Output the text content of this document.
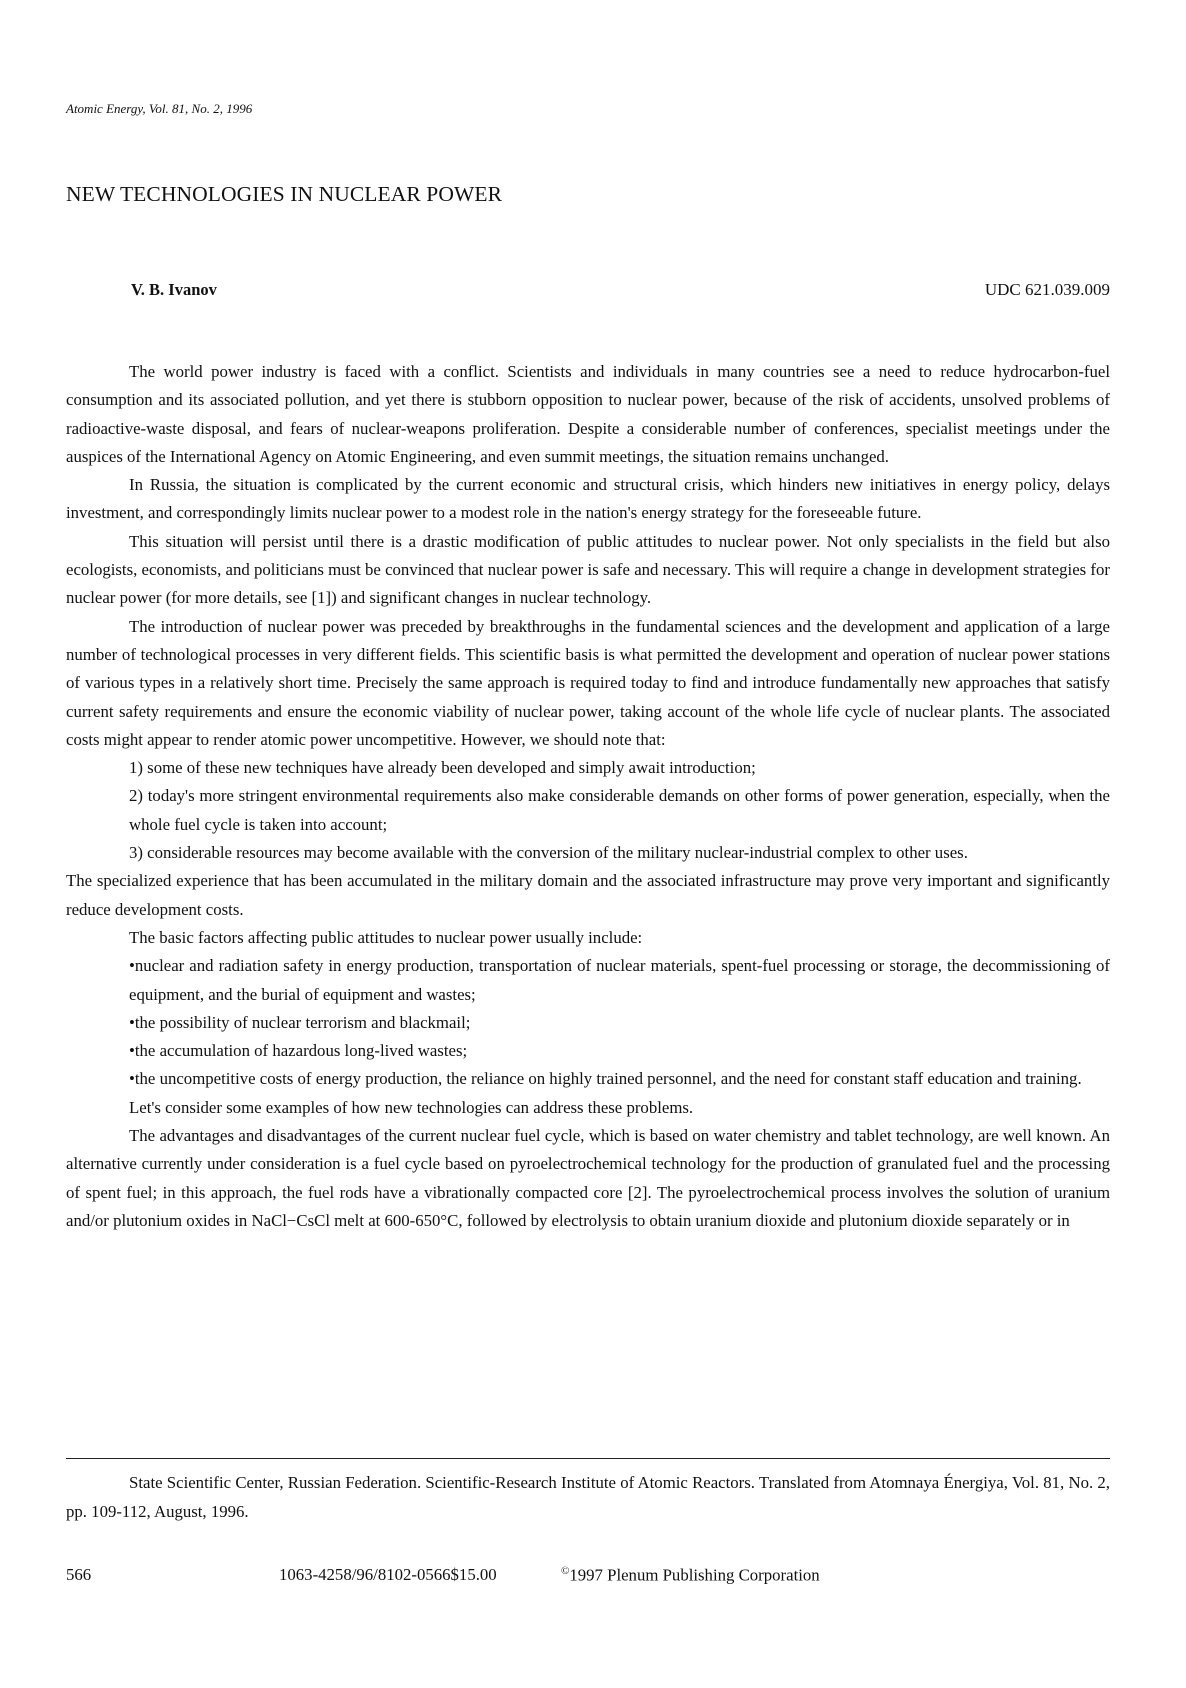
Atomic Energy, Vol. 81, No. 2, 1996
NEW TECHNOLOGIES IN NUCLEAR POWER
V. B. Ivanov	UDC 621.039.009

The world power industry is faced with a conflict. Scientists and individuals in many countries see a need to reduce hydrocarbon-fuel consumption and its associated pollution, and yet there is stubborn opposition to nuclear power, because of the risk of accidents, unsolved problems of radioactive-waste disposal, and fears of nuclear-weapons proliferation. Despite a considerable number of conferences, specialist meetings under the auspices of the International Agency on Atomic Engineering, and even summit meetings, the situation remains unchanged.

In Russia, the situation is complicated by the current economic and structural crisis, which hinders new initiatives in energy policy, delays investment, and correspondingly limits nuclear power to a modest role in the nation's energy strategy for the foreseeable future.

This situation will persist until there is a drastic modification of public attitudes to nuclear power. Not only specialists in the field but also ecologists, economists, and politicians must be convinced that nuclear power is safe and necessary. This will require a change in development strategies for nuclear power (for more details, see [1]) and significant changes in nuclear technology.

The introduction of nuclear power was preceded by breakthroughs in the fundamental sciences and the development and application of a large number of technological processes in very different fields. This scientific basis is what permitted the development and operation of nuclear power stations of various types in a relatively short time. Precisely the same approach is required today to find and introduce fundamentally new approaches that satisfy current safety requirements and ensure the economic viability of nuclear power, taking account of the whole life cycle of nuclear plants. The associated costs might appear to render atomic power uncompetitive. However, we should note that:

1) some of these new techniques have already been developed and simply await introduction;

2) today's more stringent environmental requirements also make considerable demands on other forms of power generation, especially, when the whole fuel cycle is taken into account;

3) considerable resources may become available with the conversion of the military nuclear-industrial complex to other uses.

The specialized experience that has been accumulated in the military domain and the associated infrastructure may prove very important and significantly reduce development costs.

The basic factors affecting public attitudes to nuclear power usually include:

•nuclear and radiation safety in energy production, transportation of nuclear materials, spent-fuel processing or storage, the decommissioning of equipment, and the burial of equipment and wastes;

•the possibility of nuclear terrorism and blackmail;

•the accumulation of hazardous long-lived wastes;

•the uncompetitive costs of energy production, the reliance on highly trained personnel, and the need for constant staff education and training.

Let's consider some examples of how new technologies can address these problems.

The advantages and disadvantages of the current nuclear fuel cycle, which is based on water chemistry and tablet technology, are well known. An alternative currently under consideration is a fuel cycle based on pyroelectrochemical technology for the production of granulated fuel and the processing of spent fuel; in this approach, the fuel rods have a vibrationally compacted core [2]. The pyroelectrochemical process involves the solution of uranium and/or plutonium oxides in NaCl−CsCl melt at 600-650°C, followed by electrolysis to obtain uranium dioxide and plutonium dioxide separately or in

State Scientific Center, Russian Federation. Scientific-Research Institute of Atomic Reactors. Translated from Atomnaya Énergiya, Vol. 81, No. 2, pp. 109-112, August, 1996.
566	1063-4258/96/8102-0566$15.00	©1997 Plenum Publishing Corporation
